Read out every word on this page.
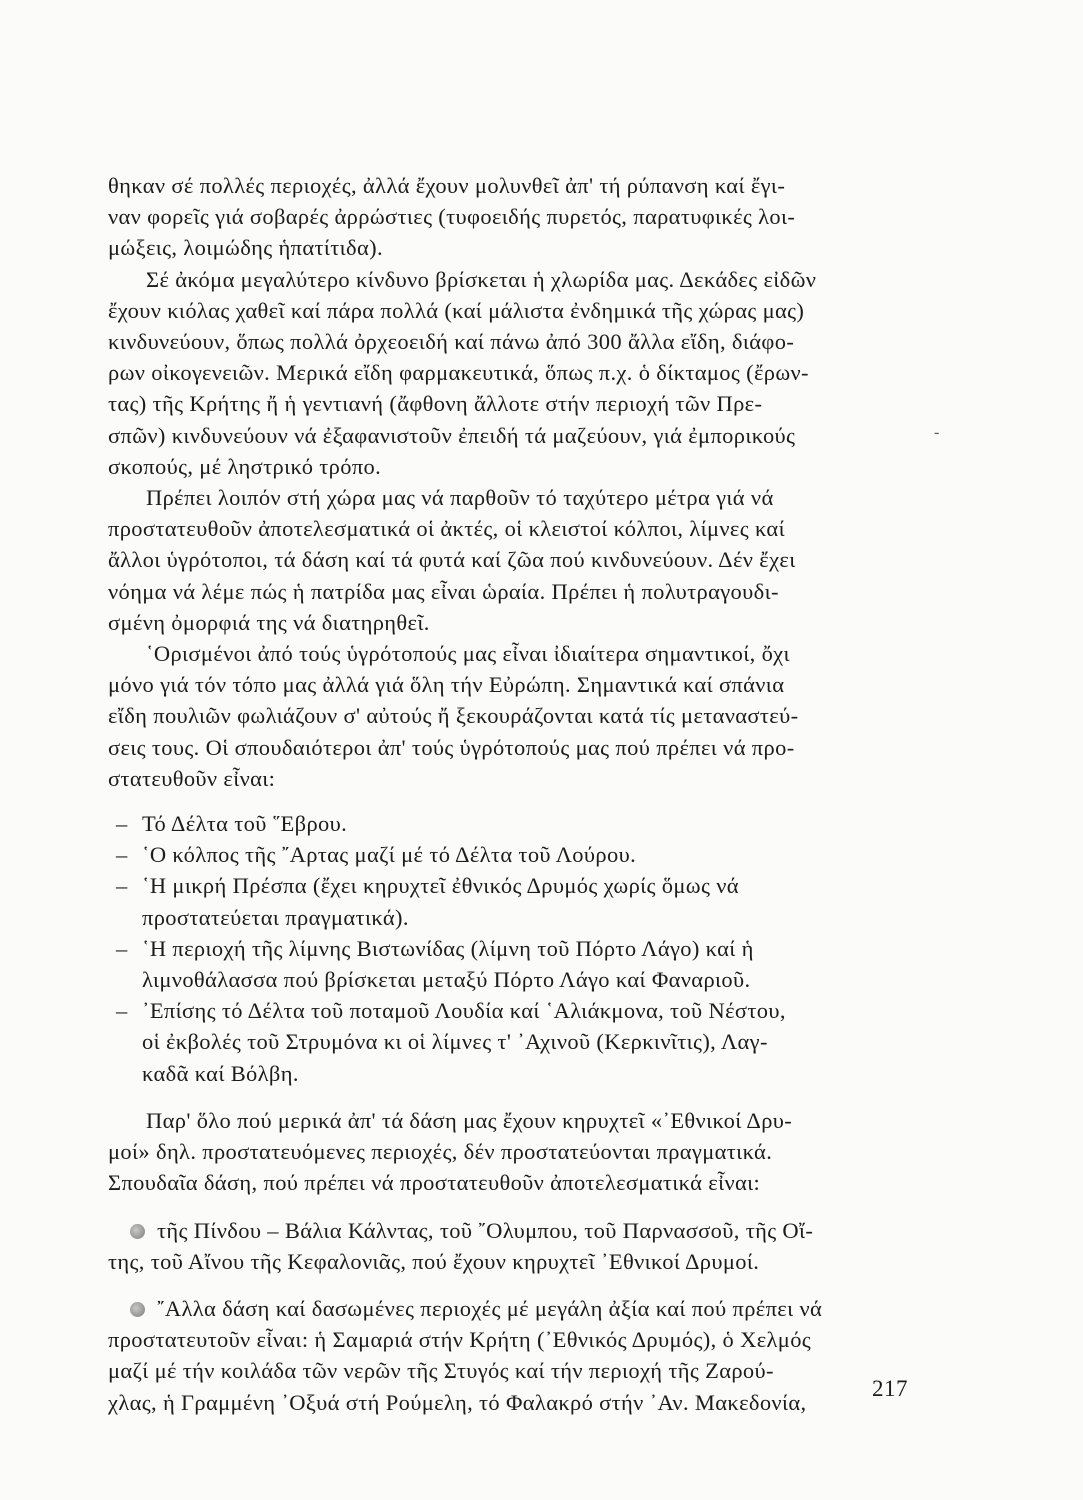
θηκαν σέ πολλές περιοχές, ἀλλά ἔχουν μολυνθεῖ ἀπ' τή ρύπανση καί ἔγι-
ναν φορεῖς γιά σοβαρές ἀρρώστιες (τυφοειδής πυρετός, παρατυφικές λοι-
μώξεις, λοιμώδης ἡπατίτιδα).

Σέ ἀκόμα μεγαλύτερο κίνδυνο βρίσκεται ἡ χλωρίδα μας. Δεκάδες εἰδῶν
ἔχουν κιόλας χαθεῖ καί πάρα πολλά (καί μάλιστα ἐνδημικά τῆς χώρας μας)
κινδυνεύουν, ὅπως πολλά ὀρχεοειδή καί πάνω ἀπό 300 ἄλλα εἴδη, διάφο-
ρων οἰκογενειῶν. Μερικά εἴδη φαρμακευτικά, ὅπως π.χ. ὁ δίκταμος (ἔρων-
τας) τῆς Κρήτης ἤ ἡ γεντιανή (ἄφθονη ἄλλοτε στήν περιοχή τῶν Πρε-
σπῶν) κινδυνεύουν νά ἐξαφανιστοῦν ἐπειδή τά μαζεύουν, γιά ἐμπορικούς
σκοπούς, μέ ληστρικό τρόπο.

Πρέπει λοιπόν στή χώρα μας νά παρθοῦν τό ταχύτερο μέτρα γιά νά
προστατευθοῦν ἀποτελεσματικά οἱ ἀκτές, οἱ κλειστοί κόλποι, λίμνες καί
ἄλλοι ὑγρότοποι, τά δάση καί τά φυτά καί ζῶα πού κινδυνεύουν. Δέν ἔχει
νόημα νά λέμε πώς ἡ πατρίδα μας εἶναι ὡραία. Πρέπει ἡ πολυτραγουδι-
σμένη ὀμορφιά της νά διατηρηθεῖ.

῾Ορισμένοι ἀπό τούς ὑγρότοπούς μας εἶναι ἰδιαίτερα σημαντικοί, ὄχι
μόνο γιά τόν τόπο μας ἀλλά γιά ὅλη τήν Εὐρώπη. Σημαντικά καί σπάνια
εἴδη πουλιῶν φωλιάζουν σ' αὐτούς ἤ ξεκουράζονται κατά τίς μεταναστεύ-
σεις τους. Οἱ σπουδαιότεροι ἀπ' τούς ὑγρότοπούς μας πού πρέπει νά προ-
στατευθοῦν εἶναι:

– Τό Δέλτα τοῦ ῞Εβρου.
– ῾Ο κόλπος τῆς ῎Αρτας μαζί μέ τό Δέλτα τοῦ Λούρου.
– ῾Η μικρή Πρέσπα (ἔχει κηρυχτεῖ ἐθνικός Δρυμός χωρίς ὅμως νά
προστατεύεται πραγματικά).
– ῾Η περιοχή τῆς λίμνης Βιστωνίδας (λίμνη τοῦ Πόρτο Λάγο) καί ἡ
λιμνοθάλασσα πού βρίσκεται μεταξύ Πόρτο Λάγο καί Φαναριοῦ.
– ᾿Επίσης τό Δέλτα τοῦ ποταμοῦ Λουδία καί ῾Αλιάκμονα, τοῦ Νέστου,
οἱ ἐκβολές τοῦ Στρυμόνα κι οἱ λίμνες τ' ᾿Αχινοῦ (Κερκινῖτις), Λαγ-
καδᾶ καί Βόλβη.

Παρ' ὅλο πού μερικά ἀπ' τά δάση μας ἔχουν κηρυχτεῖ «᾿Εθνικοί Δρυ-
μοί» δηλ. προστατευόμενες περιοχές, δέν προστατεύονται πραγματικά.
Σπουδαῖα δάση, πού πρέπει νά προστατευθοῦν ἀποτελεσματικά εἶναι:

τῆς Πίνδου – Βάλια Κάλντας, τοῦ ῎Ολυμπου, τοῦ Παρνασσοῦ, τῆς Οἴ-
της, τοῦ Αἴνου τῆς Κεφαλονιᾶς, πού ἔχουν κηρυχτεῖ ᾿Εθνικοί Δρυμοί.
῎Αλλα δάση καί δασωμένες περιοχές μέ μεγάλη ἀξία καί πού πρέπει νά
προστατευτοῦν εἶναι: ἡ Σαμαριά στήν Κρήτη (᾿Εθνικός Δρυμός), ὁ Χελμός
μαζί μέ τήν κοιλάδα τῶν νερῶν τῆς Στυγός καί τήν περιοχή τῆς Ζαρού-
χλας, ἡ Γραμμένη ᾿Οξυά στή Ρούμελη, τό Φαλακρό στήν ᾿Αν. Μακεδονία,
-
217
